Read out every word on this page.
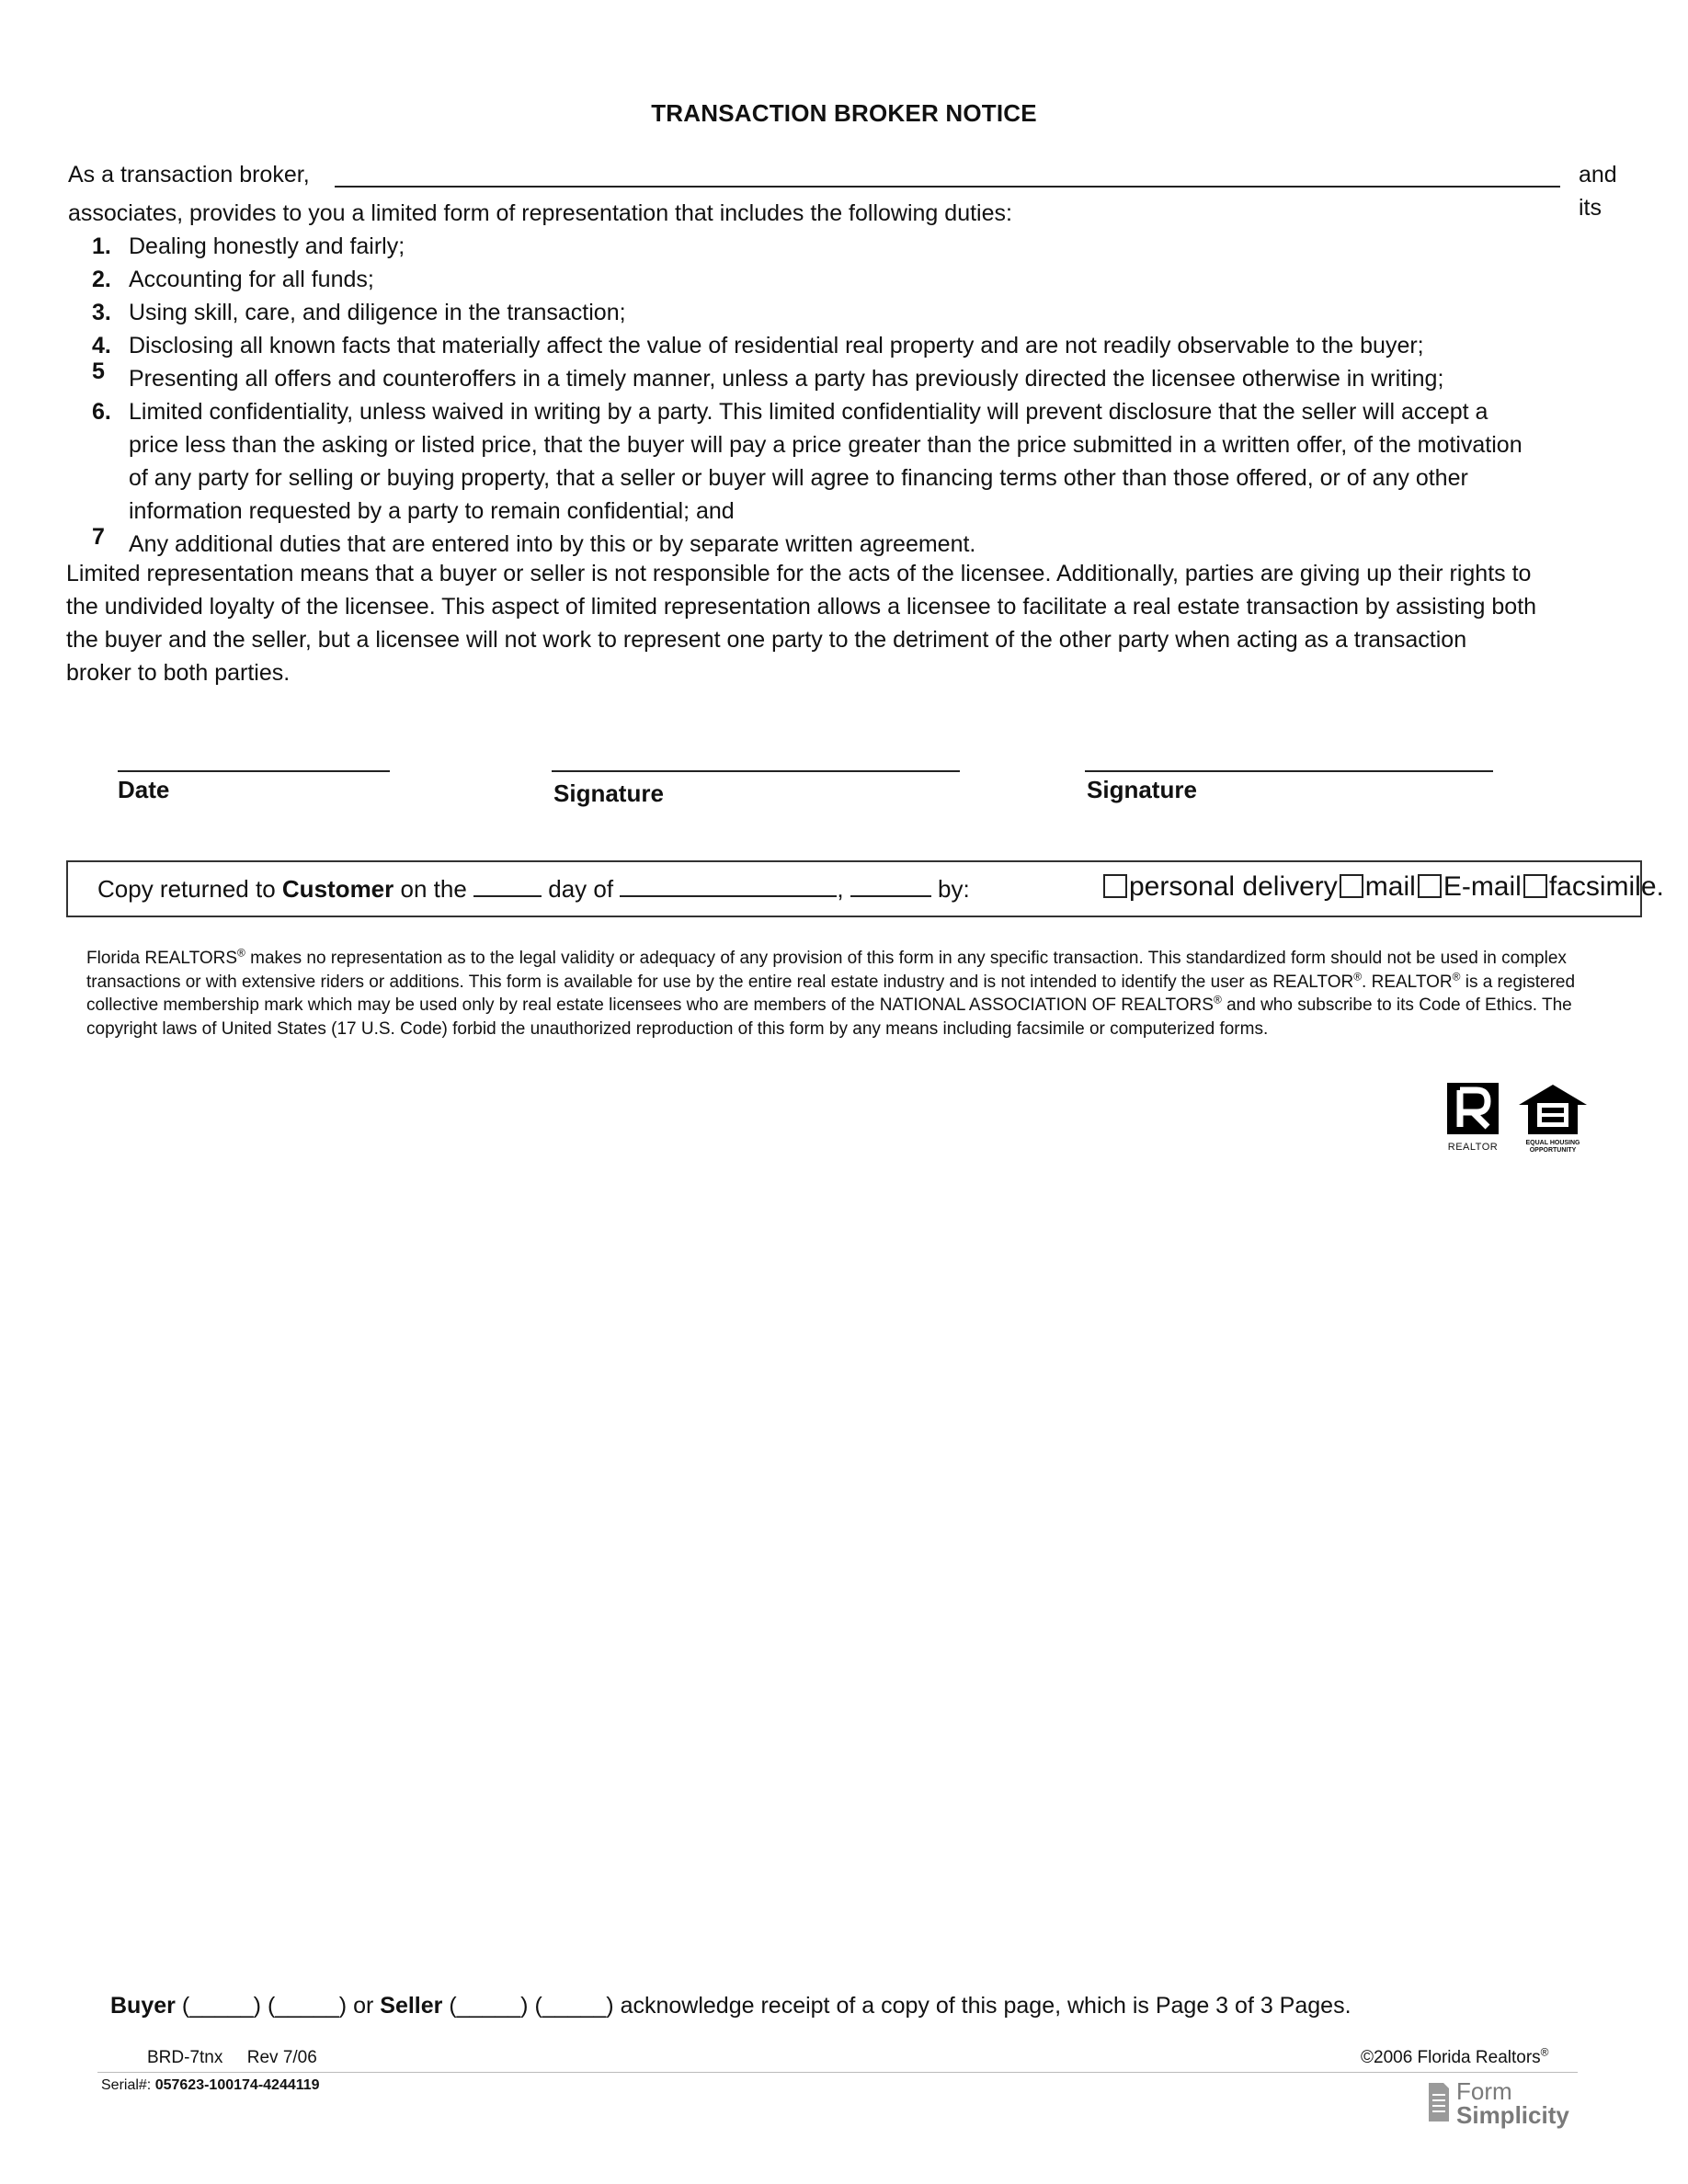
TRANSACTION BROKER NOTICE
As a transaction broker,	and its
associates, provides to you a limited form of representation that includes the following duties:
1. Dealing honestly and fairly;
2. Accounting for all funds;
3. Using skill, care, and diligence in the transaction;
4. Disclosing all known facts that materially affect the value of residential real property and are not readily observable to the buyer;
5 Presenting all offers and counteroffers in a timely manner, unless a party has previously directed the licensee otherwise in writing;
6. Limited confidentiality, unless waived in writing by a party. This limited confidentiality will prevent disclosure that the seller will accept a price less than the asking or listed price, that the buyer will pay a price greater than the price submitted in a written offer, of the motivation of any party for selling or buying property, that a seller or buyer will agree to financing terms other than those offered, or of any other information requested by a party to remain confidential; and
7 Any additional duties that are entered into by this or by separate written agreement.
Limited representation means that a buyer or seller is not responsible for the acts of the licensee. Additionally, parties are giving up their rights to the undivided loyalty of the licensee. This aspect of limited representation allows a licensee to facilitate a real estate transaction by assisting both the buyer and the seller, but a licensee will not work to represent one party to the detriment of the other party when acting as a transaction broker to both parties.
Date	Signature	Signature
Copy returned to Customer on the	day of	,	by:	personal delivery mail E-mail facsimile.
Florida REALTORS® makes no representation as to the legal validity or adequacy of any provision of this form in any specific transaction. This standardized form should not be used in complex transactions or with extensive riders or additions. This form is available for use by the entire real estate industry and is not intended to identify the user as REALTOR®. REALTOR® is a registered collective membership mark which may be used only by real estate licensees who are members of the NATIONAL ASSOCIATION OF REALTORS® and who subscribe to its Code of Ethics. The copyright laws of United States (17 U.S. Code) forbid the unauthorized reproduction of this form by any means including facsimile or computerized forms.
REALTOR	EQUAL HOUSING
OPPORTUNITY
Buyer (_____) (_____) or Seller (_____) (_____) acknowledge receipt of a copy of this page, which is Page 3 of 3 Pages.
BRD-7tnx Rev 7/06	©2006 Florida Realtors®
Serial#: 057623-100174-4244119	Form
Simplicity
